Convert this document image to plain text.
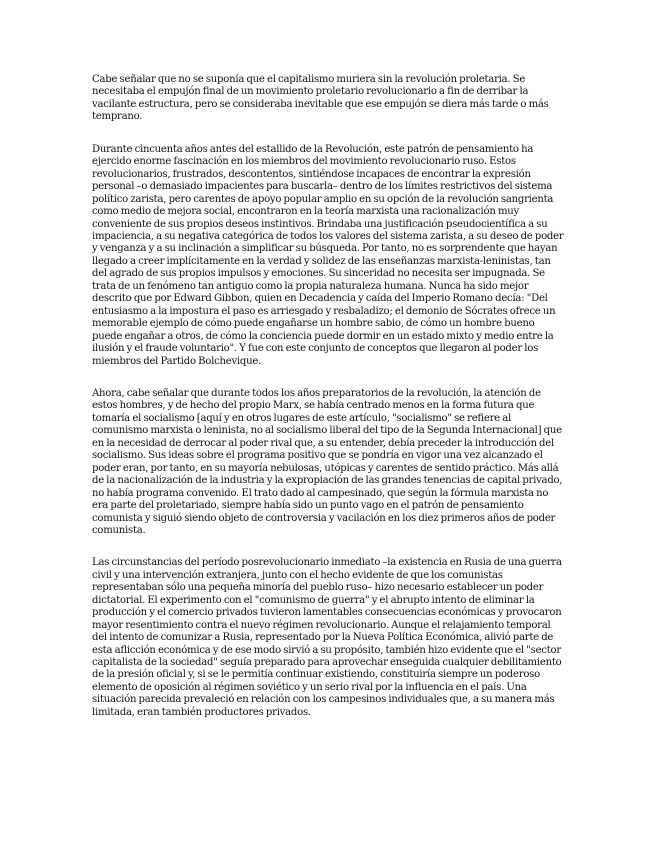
Cabe señalar que no se suponía que el capitalismo muriera sin la revolución proletaria. Se necesitaba el empujón final de un movimiento proletario revolucionario a fin de derribar la vacilante estructura, pero se consideraba inevitable que ese empujón se diera más tarde o más temprano.

Durante cincuenta años antes del estallido de la Revolución, este patrón de pensamiento ha ejercido enorme fascinación en los miembros del movimiento revolucionario ruso. Estos revolucionarios, frustrados, descontentos, sintiéndose incapaces de encontrar la expresión personal –o demasiado impacientes para buscarla– dentro de los límites restrictivos del sistema político zarista, pero carentes de apoyo popular amplio en su opción de la revolución sangrienta como medio de mejora social, encontraron en la teoría marxista una racionalización muy conveniente de sus propios deseos instintivos. Brindaba una justificación pseudocientífica a su impaciencia, a su negativa categórica de todos los valores del sistema zarista, a su deseo de poder y venganza y a su inclinación a simplificar su búsqueda. Por tanto, no es sorprendente que hayan llegado a creer implícitamente en la verdad y solidez de las enseñanzas marxista-leninistas, tan del agrado de sus propios impulsos y emociones. Su sinceridad no necesita ser impugnada. Se trata de un fenómeno tan antiguo como la propia naturaleza humana. Nunca ha sido mejor descrito que por Edward Gibbon, quien en Decadencia y caída del Imperio Romano decía: "Del entusiasmo a la impostura el paso es arriesgado y resbaladizo; el demonio de Sócrates ofrece un memorable ejemplo de cómo puede engañarse un hombre sabio, de cómo un hombre bueno puede engañar a otros, de cómo la conciencia puede dormir en un estado mixto y medio entre la ilusión y el fraude voluntario". Y fue con este conjunto de conceptos que llegaron al poder los miembros del Partido Bolchevique.

Ahora, cabe señalar que durante todos los años preparatorios de la revolución, la atención de estos hombres, y de hecho del propio Marx, se había centrado menos en la forma futura que tomaría el socialismo [aquí y en otros lugares de este artículo, "socialismo" se refiere al comunismo marxista o leninista, no al socialismo liberal del tipo de la Segunda Internacional] que en la necesidad de derrocar al poder rival que, a su entender, debía preceder la introducción del socialismo. Sus ideas sobre el programa positivo que se pondría en vigor una vez alcanzado el poder eran, por tanto, en su mayoría nebulosas, utópicas y carentes de sentido práctico. Más allá de la nacionalización de la industria y la expropiación de las grandes tenencias de capital privado, no había programa convenido. El trato dado al campesinado, que según la fórmula marxista no era parte del proletariado, siempre había sido un punto vago en el patrón de pensamiento comunista y siguió siendo objeto de controversia y vacilación en los diez primeros años de poder comunista.

Las circunstancias del período posrevolucionario inmediato –la existencia en Rusia de una guerra civil y una intervención extranjera, junto con el hecho evidente de que los comunistas representaban sólo una pequeña minoría del pueblo ruso– hizo necesario establecer un poder dictatorial. El experimento con el "comunismo de guerra" y el abrupto intento de eliminar la producción y el comercio privados tuvieron lamentables consecuencias económicas y provocaron mayor resentimiento contra el nuevo régimen revolucionario. Aunque el relajamiento temporal del intento de comunizar a Rusia, representado por la Nueva Política Económica, alivió parte de esta aflicción económica y de ese modo sirvió a su propósito, también hizo evidente que el "sector capitalista de la sociedad" seguía preparado para aprovechar enseguida cualquier debilitamiento de la presión oficial y, si se le permitía continuar existiendo, constituiría siempre un poderoso elemento de oposición al régimen soviético y un serio rival por la influencia en el país. Una situación parecida prevaleció en relación con los campesinos individuales que, a su manera más limitada, eran también productores privados.
